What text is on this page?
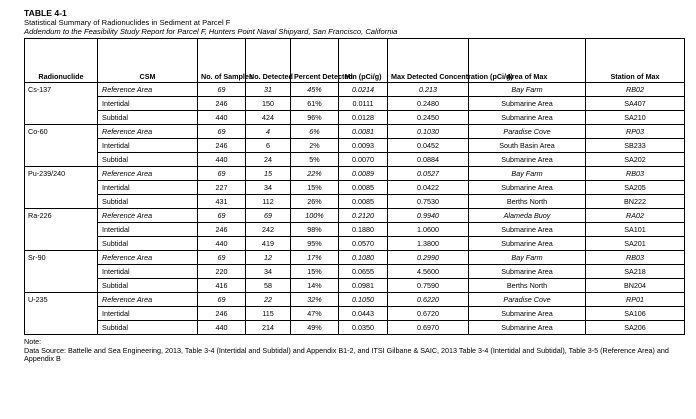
TABLE 4-1
Statistical Summary of Radionuclides in Sediment at Parcel F
Addendum to the Feasibility Study Report for Parcel F, Hunters Point Naval Shipyard, San Francisco, California
Radionuclide	CSM	No. of Samples	No. Detected	Percent Detected	Min (pCi/g)	Max Detected Concentration (pCi/g)	Area of Max	Station of Max
Cs-137	Reference Area	69	31	45%	0.0214	0.213	Bay Farm	RB02
	Intertidal	246	150	61%	0.0111	0.2480	Submarine Area	SA407
	Subtidal	440	424	96%	0.0128	0.2450	Submarine Area	SA210
Co-60	Reference Area	69	4	6%	0.0081	0.1030	Paradise Cove	RP03
	Intertidal	246	6	2%	0.0093	0.0452	South Basin Area	SB233
	Subtidal	440	24	5%	0.0070	0.0884	Submarine Area	SA202
Pu-239/240	Reference Area	69	15	22%	0.0089	0.0527	Bay Farm	RB03
	Intertidal	227	34	15%	0.0085	0.0422	Submarine Area	SA205
	Subtidal	431	112	26%	0.0085	0.7530	Berths North	BN222
Ra-226	Reference Area	69	69	100%	0.2120	0.9940	Alameda Buoy	RA02
	Intertidal	246	242	98%	0.1880	1.0600	Submarine Area	SA101
	Subtidal	440	419	95%	0.0570	1.3800	Submarine Area	SA201
Sr-90	Reference Area	69	12	17%	0.1080	0.2990	Bay Farm	RB03
	Intertidal	220	34	15%	0.0655	4.5600	Submarine Area	SA218
	Subtidal	416	58	14%	0.0981	0.7590	Berths North	BN204
U-235	Reference Area	69	22	32%	0.1050	0.6220	Paradise Cove	RP01
	Intertidal	246	115	47%	0.0443	0.6720	Submarine Area	SA106
	Subtidal	440	214	49%	0.0350	0.6970	Submarine Area	SA206
Note:
Data Source: Battelle and Sea Engineering, 2013, Table 3-4 (Intertidal and Subtidal) and Appendix B1-2, and ITSI Gilbane & SAIC, 2013 Table 3-4 (Intertidal and Subtidal), Table 3-5 (Reference Area) and Appendix B
